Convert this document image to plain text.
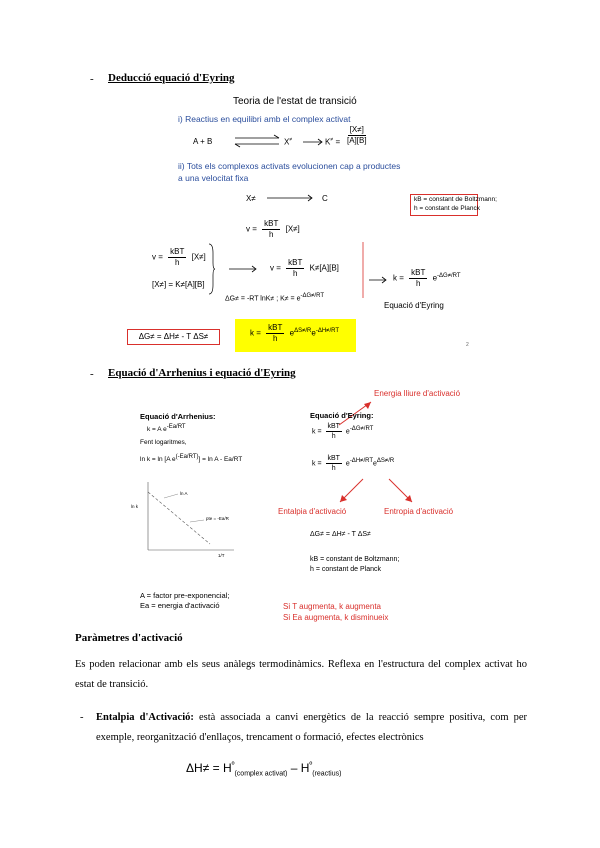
- Deducció equació d'Eyring
Teoria de l'estat de transició
i) Reactius en equilibri amb el complex activat
A + B ⇌ X≠	$K^\ne = \frac{[X\ne]}{[A][B]}$
ii) Tots els complexos activats evolucionen cap a productes
a una velocitat fixa
X≠	C	kB = constant de Boltzmann;
h = constant de Planck
v =
kBT
h
[X≠]
v =
kBT
h
[X≠]
[X≠] = K≠[A][B]
v =
kBT
h
K≠[A][B]
ΔG≠ = -RT lnK≠ ; $K\ne = e^{-\Delta G\ne/RT}$
k =
kBT
h
$e^{-\Delta G\ne/RT}$
Equació d'Eyring
ΔG≠ = ΔH≠ - T ΔS≠	k =
kBT
h
$e^{\Delta S\ne/R}e^{-\Delta H\ne/RT}$
2
- Equació d'Arrhenius i equació d'Eyring
Equació d'Arrhenius:
k = A $e^{-Ea/RT}$
Fent logaritmes,
ln k = ln [A $e^{(-Ea/RT)}] = \ln A - Ea/RT$
ln k
1/T
ln A
pte = -Ea/R
A = factor pre-exponencial;
Ea = energia d'activació
Energia lliure d'activació
Equació d'Eyring:
k =
kBT
h
$e^{-\Delta G\ne/RT}$
k =
kBT
h
$e^{-\Delta H\ne/RT}e^{\Delta S\ne/R}$
Entalpia d'activació	Entropia d'activació
ΔG≠ = ΔH≠ - T ΔS≠
kB = constant de Boltzmann;
h = constant de Planck
Si T augmenta, k augmenta
Si Ea augmenta, k disminueix
Paràmetres d'activació
Es poden relacionar amb els seus anàlegs termodinàmics. Reflexa en l'estructura del complex activat ho estat de transició.
- Entalpia d'Activació: està associada a canvi energètics de la reacció sempre positiva, com per exemple, reorganització d'enllaços, trencament o formació, efectes electrònics
$\Delta H\ne = H^º_{(complex activat)} - H^º_{(reactius)}$
